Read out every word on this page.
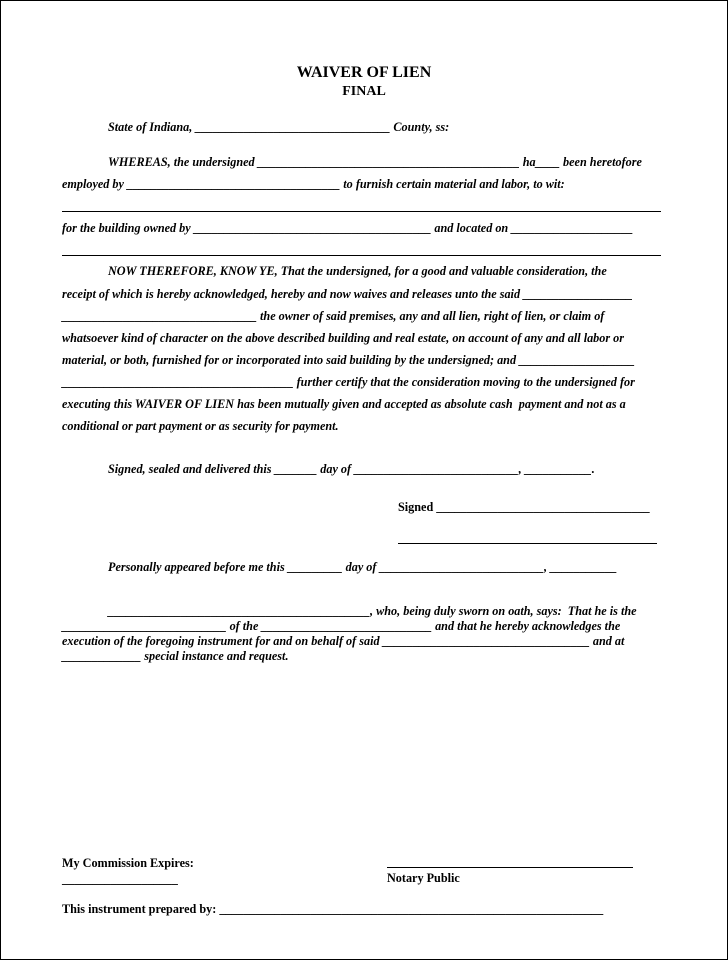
WAIVER OF LIEN
FINAL
State of Indiana, ________________________________ County, ss:
WHEREAS, the undersigned ___________________________________________ ha____ been heretofore
employed by ___________________________________ to furnish certain material and labor, to wit:
for the building owned by _______________________________________ and located on ____________________
NOW THEREFORE, KNOW YE, That the undersigned, for a good and valuable consideration, the
receipt of which is hereby acknowledged, hereby and now waives and releases unto the said __________________
________________________________ the owner of said premises, any and all lien, right of lien, or claim of
whatsoever kind of character on the above described building and real estate, on account of any and all labor or
material, or both, furnished for or incorporated into said building by the undersigned; and ___________________
______________________________________ further certify that the consideration moving to the undersigned for
executing this WAIVER OF LIEN has been mutually given and accepted as absolute cash  payment and not as a
conditional or part payment or as security for payment.
Signed, sealed and delivered this _______ day of ___________________________, ___________.
Signed ___________________________________
Personally appeared before me this _________ day of ___________________________, ___________
___________________________________________, who, being duly sworn on oath, says:  That he is the
___________________________ of the ____________________________ and that he hereby acknowledges the
execution of the foregoing instrument for and on behalf of said __________________________________ and at
_____________ special instance and request.
My Commission Expires:
___________________	Notary Public
This instrument prepared by: _______________________________________________________________
